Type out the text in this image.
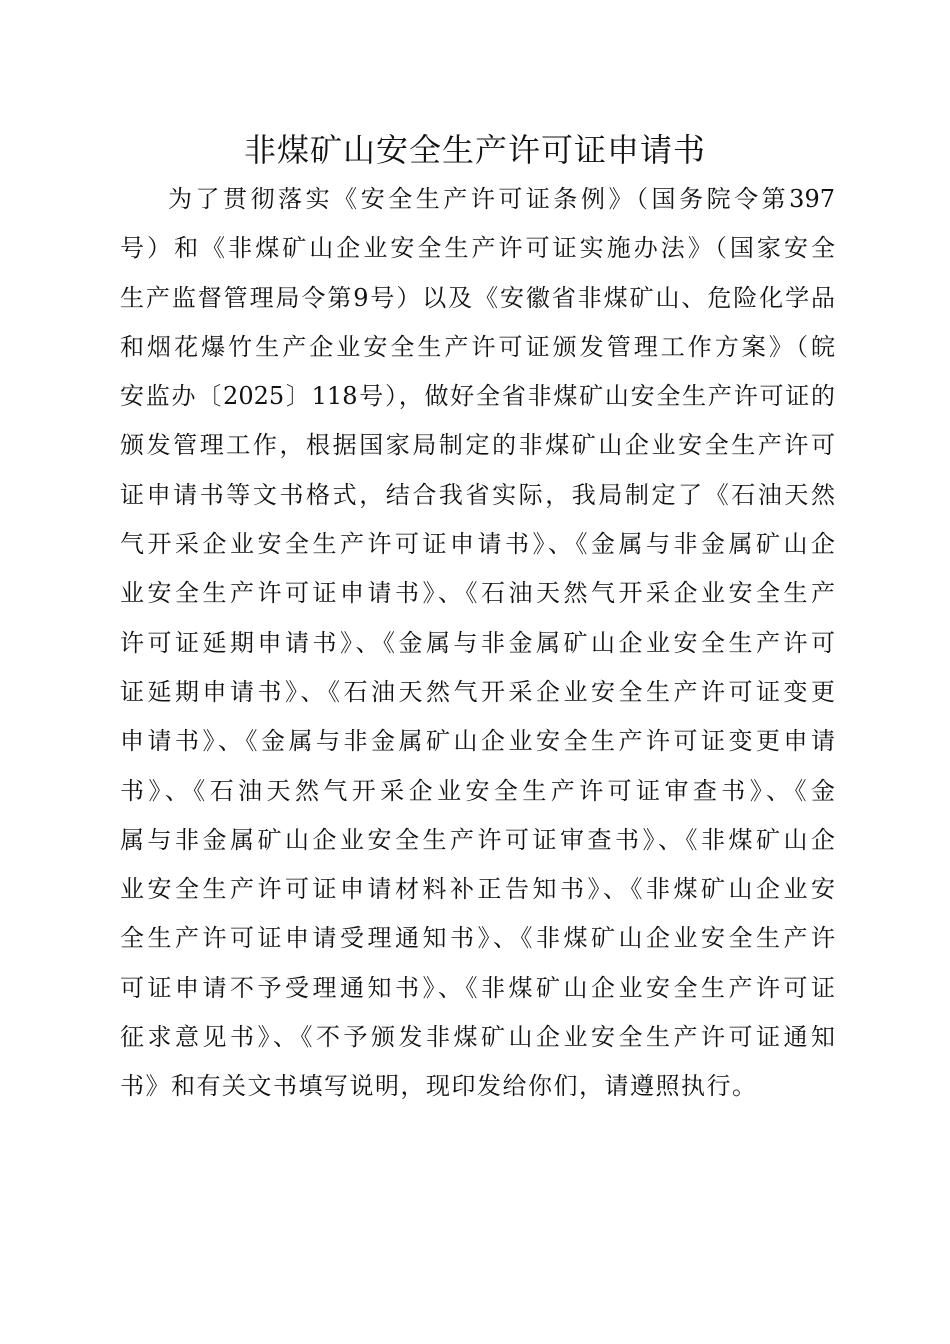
非煤矿山安全生产许可证申请书
为了贯彻落实《安全生产许可证条例》（国务院令第397
号）和《非煤矿山企业安全生产许可证实施办法》（国家安全
生产监督管理局令第9号）以及《安徽省非煤矿山、危险化学品
和烟花爆竹生产企业安全生产许可证颁发管理工作方案》（皖
安监办〔2025〕118号），做好全省非煤矿山安全生产许可证的
颁发管理工作，根据国家局制定的非煤矿山企业安全生产许可
证申请书等文书格式，结合我省实际，我局制定了《石油天然
气开采企业安全生产许可证申请书》、《金属与非金属矿山企
业安全生产许可证申请书》、《石油天然气开采企业安全生产
许可证延期申请书》、《金属与非金属矿山企业安全生产许可
证延期申请书》、《石油天然气开采企业安全生产许可证变更
申请书》、《金属与非金属矿山企业安全生产许可证变更申请
书》、《石油天然气开采企业安全生产许可证审查书》、《金
属与非金属矿山企业安全生产许可证审查书》、《非煤矿山企
业安全生产许可证申请材料补正告知书》、《非煤矿山企业安
全生产许可证申请受理通知书》、《非煤矿山企业安全生产许
可证申请不予受理通知书》、《非煤矿山企业安全生产许可证
征求意见书》、《不予颁发非煤矿山企业安全生产许可证通知
书》和有关文书填写说明，现印发给你们，请遵照执行。
